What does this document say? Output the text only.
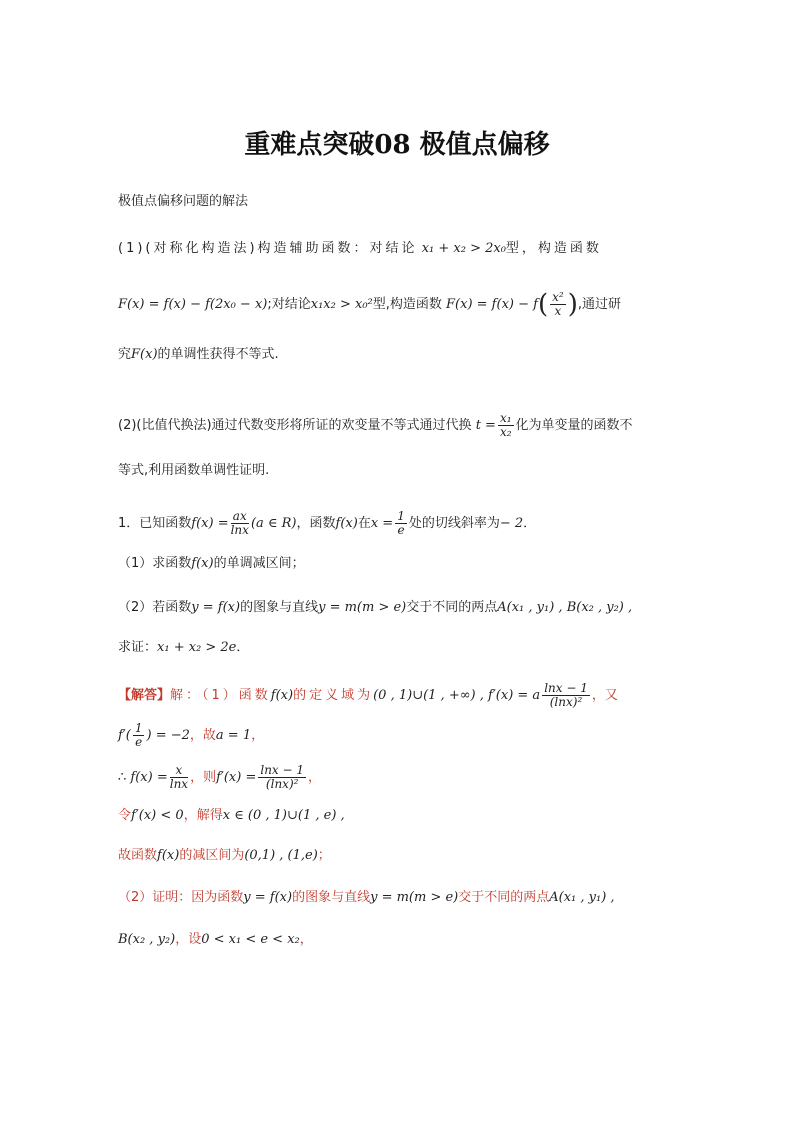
重难点突破08 极值点偏移
极值点偏移问题的解法
(1)(对称化构造法)构造辅助函数：对结论 x₁ + x₂ > 2x₀型，构造函数
F(x) = f(x) − f(2x₀ − x);对结论x₁x₂ > x₀²型,构造函数 $F(x) = f(x) - f( \frac{\text{x²}}{x}$ ),通过研
究F(x)的单调性获得不等式.
(2)(比值代换法)通过代数变形将所证的欢变量不等式通过代换 $t = \frac{\text{x₁}}{\text{x₂}}$ 化为单变量的函数不
等式,利用函数单调性证明.
1．已知函数$f(x) = \frac{ax}{\ln x} (a$ ∈ R)，函数f(x)在$x = \frac{1}{e}$ 处的切线斜率为− 2．
（1）求函数f(x)的单调减区间；
（2）若函数y = f(x)的图象与直线y = m(m > e)交于不同的两点A(x₁ , y₁) , B(x₂ , y₂) ,
求证：x₁ + x₂ > 2e．
【解答】解：（1）函数f(x)的定义域为(0 , 1)∪(1 , +∞) , f′(x) = a $\frac{\ln x - 1}{\text{(lnx)²}}$ ，又
$f'( \frac{1}{e}$ ) = −2，故a = 1，
∴ $f(x) = \frac{x}{\ln x}$ ，则$f'(x) = \frac{\ln x - 1}{\text{(lnx)²}}$ ，
令f′(x) < 0，解得x ∈ (0 , 1)∪(1 , e) ,
故函数f(x)的减区间为(0,1) , (1,e)；
（2）证明：因为函数y = f(x)的图象与直线y = m(m > e)交于不同的两点A(x₁ , y₁) ,
B(x₂ , y₂)，设0 < x₁ < e < x₂，
